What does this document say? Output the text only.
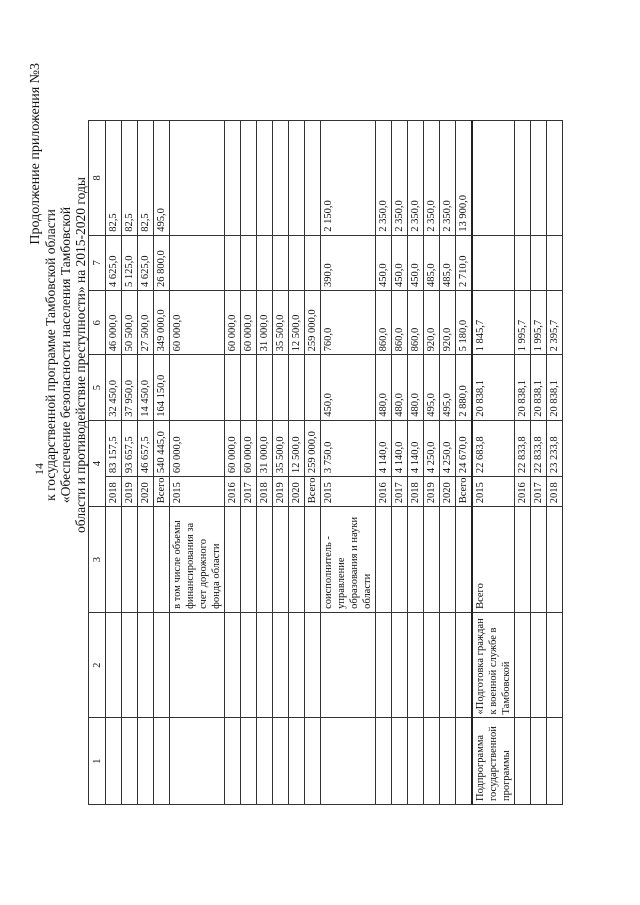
14
Продолжение приложения №3
к государственной программе Тамбовской области «Обеспечение безопасности населения Тамбовской области и противодействие преступности» на 2015-2020 годы
1	2	3	4		5	6	7	8
			2018	83 157,5	32 450,0	46 000,0	4 625,0	82,5
			2019	93 657,5	37 950,0	50 500,0	5 125,0	82,5
			2020	46 657,5	14 450,0	27 500,0	4 625,0	82,5
			Всего	540 445,0	164 150,0	349 000,0	26 800,0	495,0
		в том числе объемы финансирования за счет дорожного фонда области	2015	60 000,0		60 000,0		
			2016	60 000,0		60 000,0		
			2017	60 000,0		60 000,0		
			2018	31 000,0		31 000,0		
			2019	35 500,0		35 500,0		
			2020	12 500,0		12 500,0		
			Всего	259 000,0		259 000,0		
		соисполнитель - управление образования и науки области	2015	3 750,0	450,0	760,0	390,0	2 150,0
			2016	4 140,0	480,0	860,0	450,0	2 350,0
			2017	4 140,0	480,0	860,0	450,0	2 350,0
			2018	4 140,0	480,0	860,0	450,0	2 350,0
			2019	4 250,0	495,0	920,0	485,0	2 350,0
			2020	4 250,0	495,0	920,0	485,0	2 350,0
			Всего	24 670,0	2 880,0	5 180,0	2 710,0	13 900,0
Подпрограмма государственной программы	«Подготовка граждан к военной службе в Тамбовской	Всего	2015	22 683,8	20 838,1	1 845,7		
			2016	22 833,8	20 838,1	1 995,7		
			2017	22 833,8	20 838,1	1 995,7		
			2018	23 233,8	20 838,1	2 395,7		
